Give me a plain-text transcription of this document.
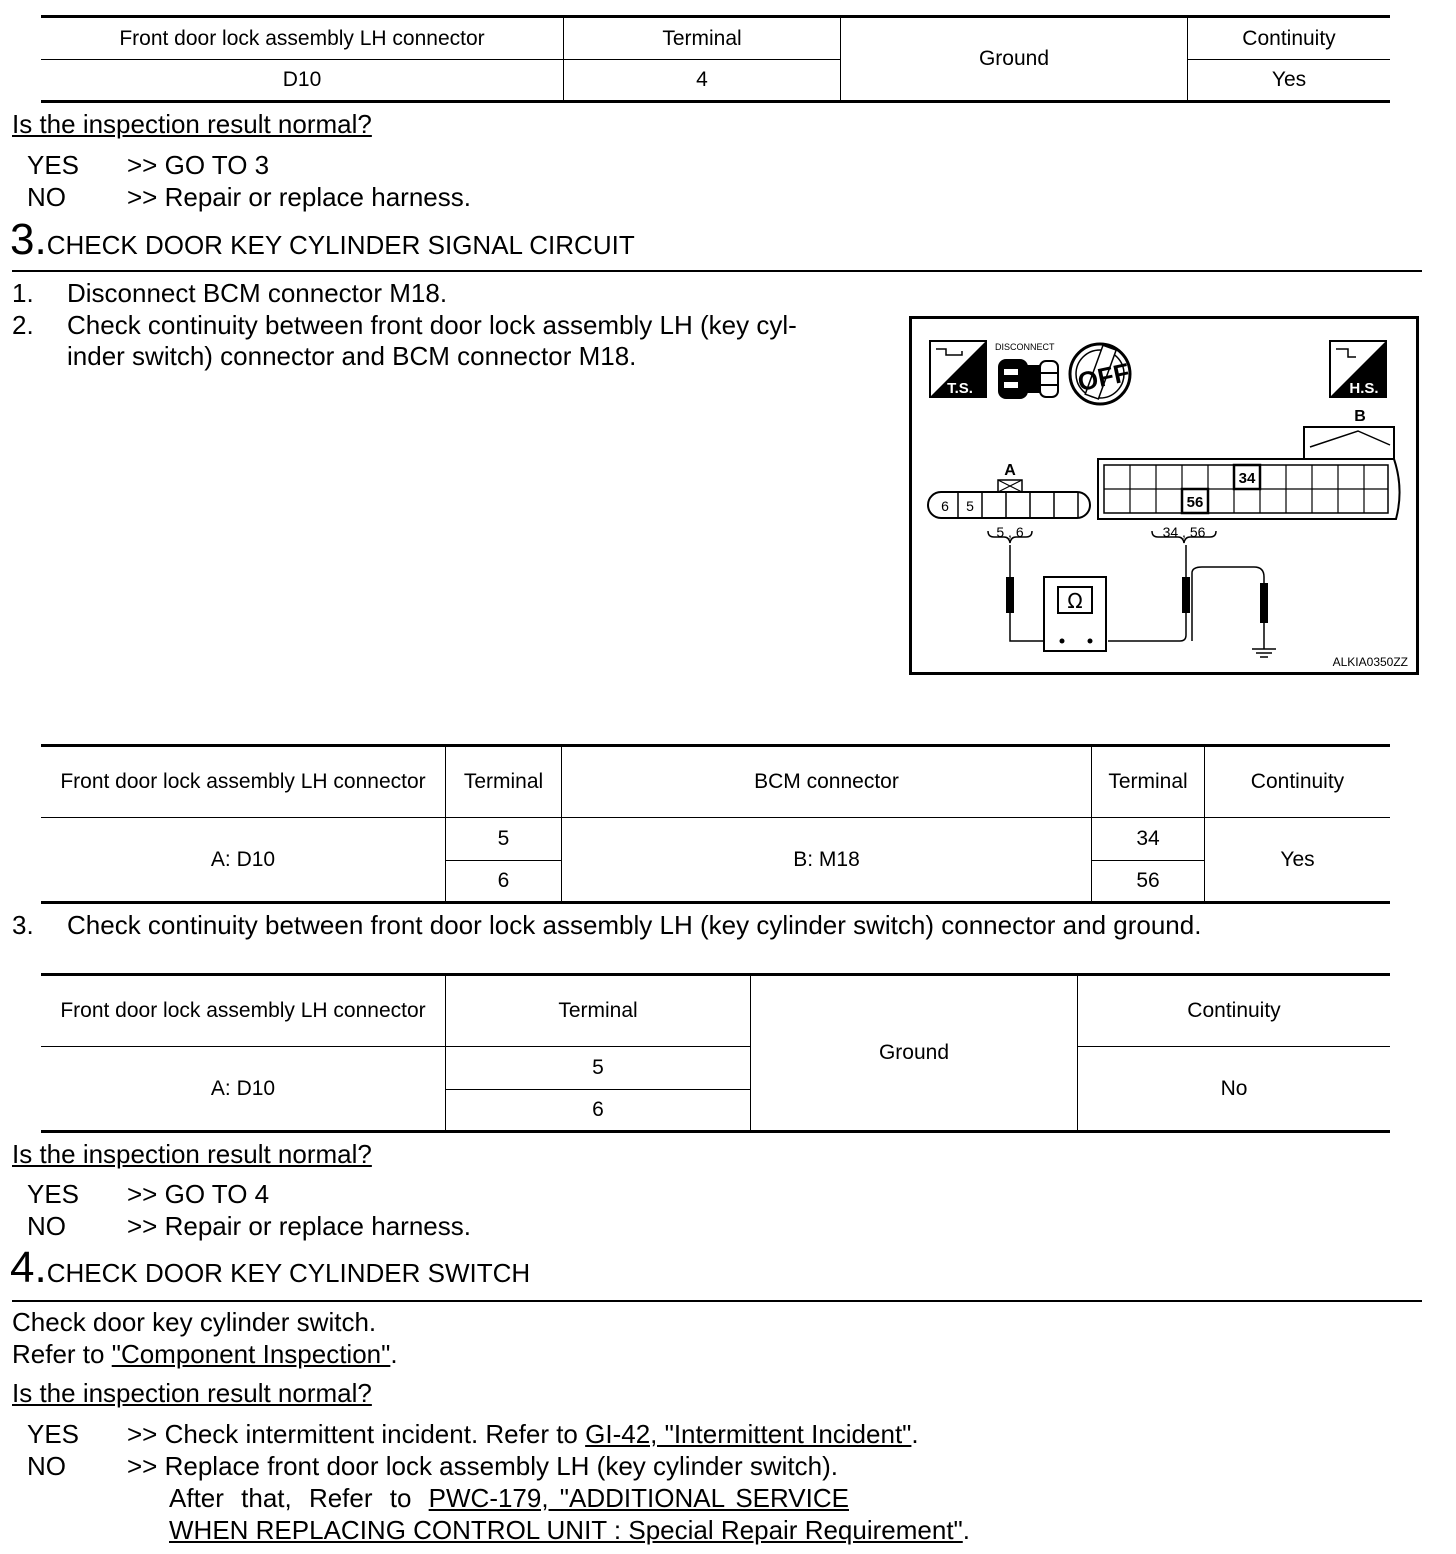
Front door lock assembly LH connector	Terminal	Ground	Continuity
D10	4		Yes
Is the inspection result normal?
YES >> GO TO 3
NO >> Repair or replace harness.
3.CHECK DOOR KEY CYLINDER SIGNAL CIRCUIT
1. Disconnect BCM connector M18.
2. Check continuity between front door lock assembly LH (key cyl-
inder switch) connector and BCM connector M18.
T.S.
DISCONNECT
OFF	H.S.
A
6 5
5 , 6
B
34
56
34 , 56
Ω
ALKIA0350ZZ
Front door lock assembly LH connector	Terminal	BCM connector	Terminal	Continuity
A: D10	5	B: M18	34	Yes
	6		56	
3. Check continuity between front door lock assembly LH (key cylinder switch) connector and ground.
Front door lock assembly LH connector	Terminal	Ground	Continuity
A: D10	5		No
	6		
Is the inspection result normal?
YES >> GO TO 4
NO >> Repair or replace harness.
4.CHECK DOOR KEY CYLINDER SWITCH
Check door key cylinder switch.
Refer to "Component Inspection".
Is the inspection result normal?
YES >> Check intermittent incident. Refer to GI-42, "Intermittent Incident".
NO >> Replace front door lock assembly LH (key cylinder switch).
After that, Refer to PWC-179, "ADDITIONAL SERVICE
WHEN REPLACING CONTROL UNIT : Special Repair Requirement".
